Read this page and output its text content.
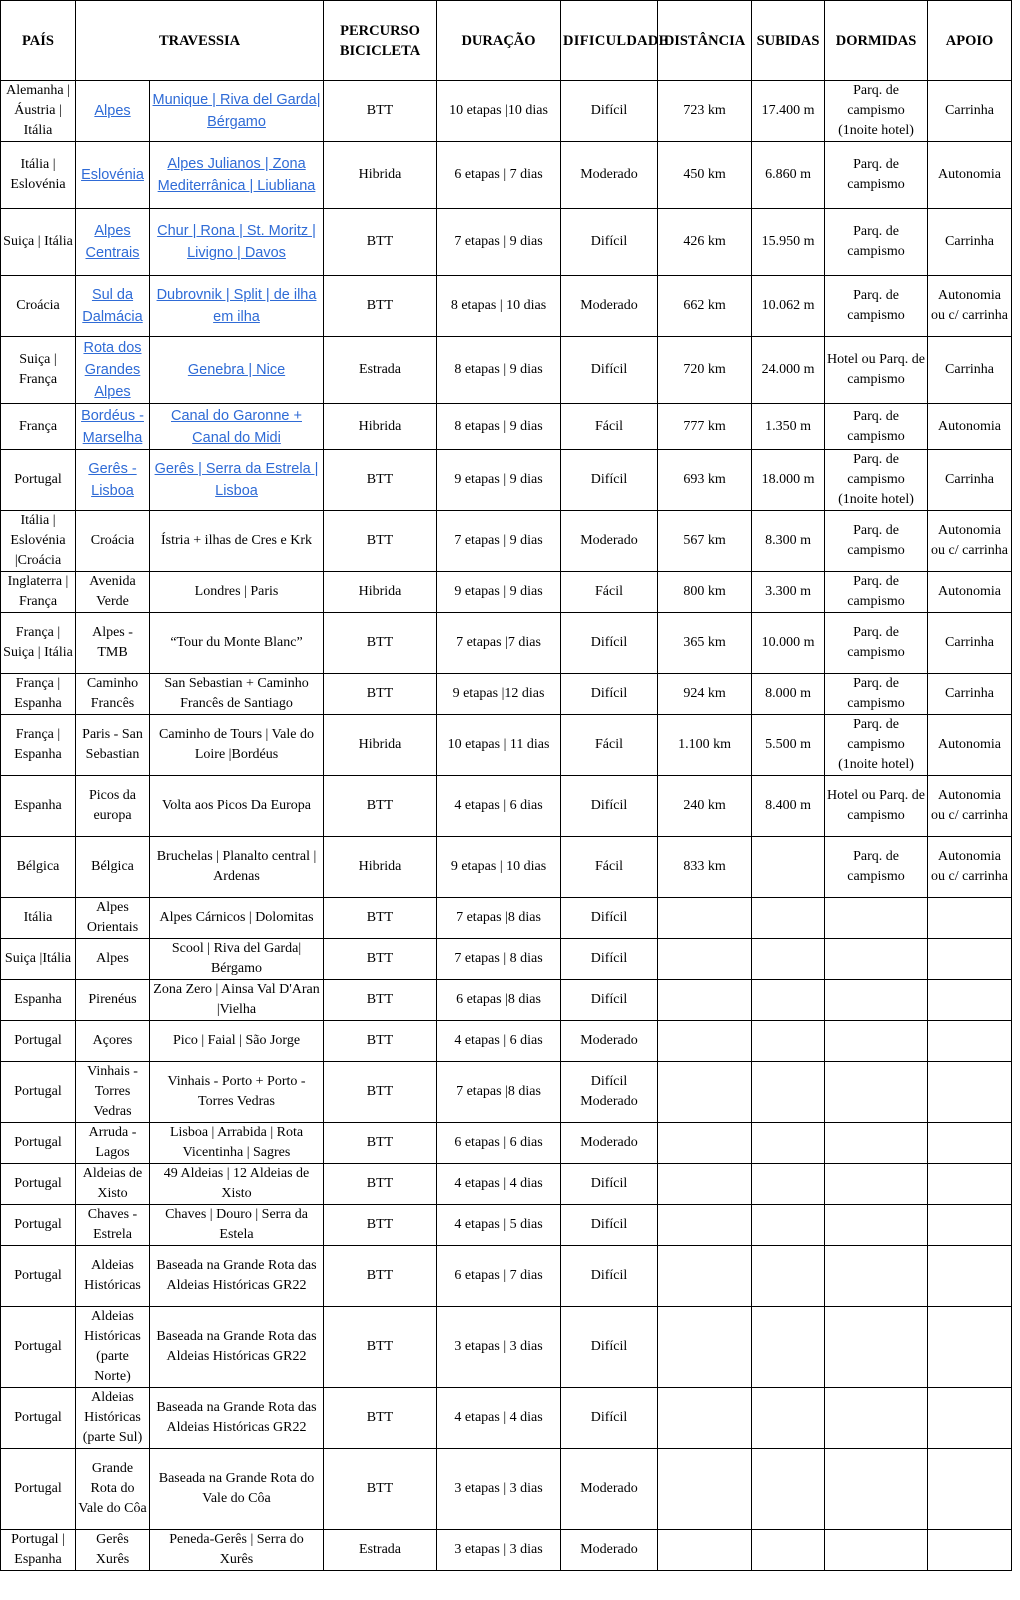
PAÍS	TRAVESSIA		PERCURSO BICICLETA	DURAÇÃO	DIFICULDADE	DISTÂNCIA	SUBIDAS	DORMIDAS	APOIO
Alemanha | Áustria | Itália	Alpes	Munique | Riva del Garda| Bérgamo	BTT	10 etapas |10 dias	Difícil	723 km	17.400 m	Parq. de campismo (1noite hotel)	Carrinha
Itália | Eslovénia	Eslovénia	Alpes Julianos | Zona Mediterrânica | Liubliana	Hibrida	6 etapas | 7 dias	Moderado	450 km	6.860 m	Parq. de campismo	Autonomia
Suiça | Itália	Alpes Centrais	Chur | Rona | St. Moritz | Livigno | Davos	BTT	7 etapas | 9 dias	Difícil	426 km	15.950 m	Parq. de campismo	Carrinha
Croácia	Sul da Dalmácia	Dubrovnik | Split | de ilha em ilha	BTT	8 etapas | 10 dias	Moderado	662 km	10.062 m	Parq. de campismo	Autonomia ou c/ carrinha
Suiça | França	Rota dos Grandes Alpes	Genebra | Nice	Estrada	8 etapas | 9 dias	Difícil	720 km	24.000 m	Hotel ou Parq. de campismo	Carrinha
França	Bordéus - Marselha	Canal do Garonne + Canal do Midi	Hibrida	8 etapas | 9 dias	Fácil	777 km	1.350 m	Parq. de campismo	Autonomia
Portugal	Gerês - Lisboa	Gerês | Serra da Estrela | Lisboa	BTT	9 etapas | 9 dias	Difícil	693 km	18.000 m	Parq. de campismo (1noite hotel)	Carrinha
Itália | Eslovénia |Croácia	Croácia	Ístria + ilhas de Cres e Krk	BTT	7 etapas | 9 dias	Moderado	567 km	8.300 m	Parq. de campismo	Autonomia ou c/ carrinha
Inglaterra | França	Avenida Verde	Londres | Paris	Hibrida	9 etapas | 9 dias	Fácil	800 km	3.300 m	Parq. de campismo	Autonomia
França | Suiça | Itália	Alpes - TMB	“Tour du Monte Blanc”	BTT	7 etapas |7 dias	Difícil	365 km	10.000 m	Parq. de campismo	Carrinha
França | Espanha	Caminho Francês	San Sebastian + Caminho Francês de Santiago	BTT	9 etapas |12 dias	Difícil	924 km	8.000 m	Parq. de campismo	Carrinha
França | Espanha	Paris - San Sebastian	Caminho de Tours | Vale do Loire |Bordéus	Hibrida	10 etapas | 11 dias	Fácil	1.100 km	5.500 m	Parq. de campismo (1noite hotel)	Autonomia
Espanha	Picos da europa	Volta aos Picos Da Europa	BTT	4 etapas | 6 dias	Difícil	240 km	8.400 m	Hotel ou Parq. de campismo	Autonomia ou c/ carrinha
Bélgica	Bélgica	Bruchelas | Planalto central | Ardenas	Hibrida	9 etapas | 10 dias	Fácil	833 km		Parq. de campismo	Autonomia ou c/ carrinha
Itália	Alpes Orientais	Alpes Cárnicos | Dolomitas	BTT	7 etapas |8 dias	Difícil				
Suiça |Itália	Alpes	Scool | Riva del Garda| Bérgamo	BTT	7 etapas | 8 dias	Difícil				
Espanha	Pirenéus	Zona Zero | Ainsa Val D'Aran |Vielha	BTT	6 etapas |8 dias	Difícil				
Portugal	Açores	Pico | Faial | São Jorge	BTT	4 etapas | 6 dias	Moderado				
Portugal	Vinhais - Torres Vedras	Vinhais - Porto + Porto - Torres Vedras	BTT	7 etapas |8 dias	Difícil Moderado				
Portugal	Arruda - Lagos	Lisboa | Arrabida | Rota Vicentinha | Sagres	BTT	6 etapas | 6 dias	Moderado				
Portugal	Aldeias de Xisto	49 Aldeias | 12 Aldeias de Xisto	BTT	4 etapas | 4 dias	Difícil				
Portugal	Chaves - Estrela	Chaves | Douro | Serra da Estela	BTT	4 etapas | 5 dias	Difícil				
Portugal	Aldeias Históricas	Baseada na Grande Rota das Aldeias Históricas GR22	BTT	6 etapas | 7 dias	Difícil				
Portugal	Aldeias Históricas (parte Norte)	Baseada na Grande Rota das Aldeias Históricas GR22	BTT	3 etapas | 3 dias	Difícil				
Portugal	Aldeias Históricas (parte Sul)	Baseada na Grande Rota das Aldeias Históricas GR22	BTT	4 etapas | 4 dias	Difícil				
Portugal	Grande Rota do Vale do Côa	Baseada na Grande Rota do Vale do Côa	BTT	3 etapas | 3 dias	Moderado				
Portugal | Espanha	Gerês Xurês	Peneda-Gerês | Serra do Xurês	Estrada	3 etapas | 3 dias	Moderado				
